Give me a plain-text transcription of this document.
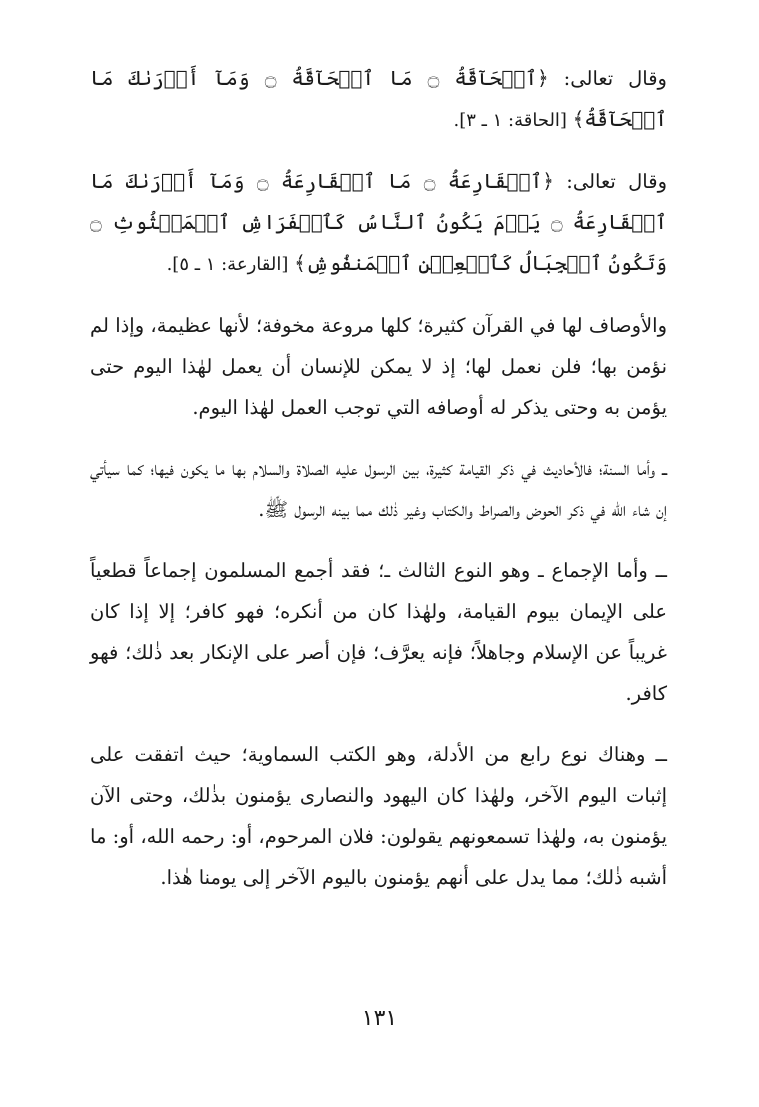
وقال تعالى: ﴿ٱلۡحَآقَّةُ ۝ مَا ٱلۡحَآقَّةُ ۝ وَمَآ أَدۡرَىٰكَ مَا ٱلۡحَآقَّةُ﴾ [الحاقة: ١ ـ ٣].

وقال تعالى: ﴿ٱلۡقَارِعَةُ ۝ مَا ٱلۡقَارِعَةُ ۝ وَمَآ أَدۡرَىٰكَ مَا ٱلۡقَارِعَةُ ۝ يَوۡمَ يَكُونُ ٱلنَّاسُ كَٱلۡفَرَاشِ ٱلۡمَبۡثُوثِ ۝ وَتَكُونُ ٱلۡجِبَالُ كَٱلۡعِهۡنِ ٱلۡمَنفُوشِ﴾ [القارعة: ١ ـ ٥].

والأوصاف لها في القرآن كثيرة؛ كلها مروعة مخوفة؛ لأنها عظيمة، وإذا لم نؤمن بها؛ فلن نعمل لها؛ إذ لا يمكن للإنسان أن يعمل لهٰذا اليوم حتى يؤمن به وحتى يذكر له أوصافه التي توجب العمل لهٰذا اليوم.

ــ وأما السنة؛ فالأحاديث في ذكر القيامة كثيرة، بين الرسول عليه الصلاة والسلام بها ما يكون فيها؛ كما سيأتي إن شاء الله في ذكر الحوض والصراط والكتاب وغير ذٰلك مما بينه الرسول ﷺ.

ــ وأما الإجماع ـ وهو النوع الثالث ـ؛ فقد أجمع المسلمون إجماعاً قطعياً على الإيمان بيوم القيامة، ولهٰذا كان من أنكره؛ فهو كافر؛ إلا إذا كان غريباً عن الإسلام وجاهلاً؛ فإنه يعرَّف؛ فإن أصر على الإنكار بعد ذٰلك؛ فهو كافر.

ــ وهناك نوع رابع من الأدلة، وهو الكتب السماوية؛ حيث اتفقت على إثبات اليوم الآخر، ولهٰذا كان اليهود والنصارى يؤمنون بذٰلك، وحتى الآن يؤمنون به، ولهٰذا تسمعونهم يقولون: فلان المرحوم، أو: رحمه الله، أو: ما أشبه ذٰلك؛ مما يدل على أنهم يؤمنون باليوم الآخر إلى يومنا هٰذا.

١٣١
